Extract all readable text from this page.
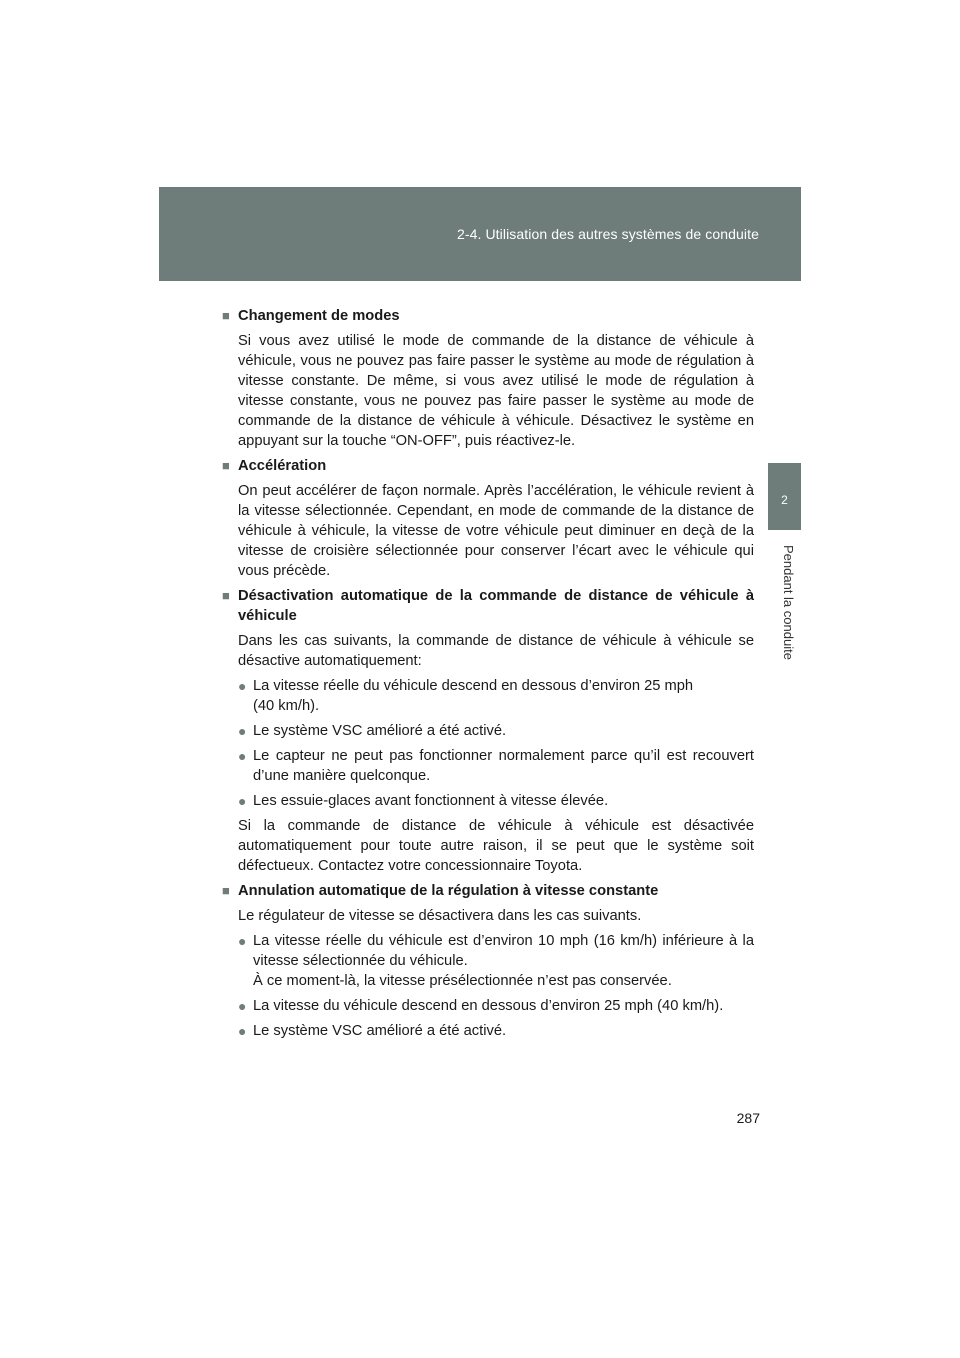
2-4. Utilisation des autres systèmes de conduite
2
Pendant la conduite
■ Changement de modes
Si vous avez utilisé le mode de commande de la distance de véhicule à véhicule, vous ne pouvez pas faire passer le système au mode de régulation à vitesse constante. De même, si vous avez utilisé le mode de régulation à vitesse constante, vous ne pouvez pas faire passer le système au mode de commande de la distance de véhicule à véhicule. Désactivez le système en appuyant sur la touche “ON-OFF”, puis réactivez-le.
■ Accélération
On peut accélérer de façon normale. Après l’accélération, le véhicule revient à la vitesse sélectionnée. Cependant, en mode de commande de la distance de véhicule à véhicule, la vitesse de votre véhicule peut diminuer en deçà de la vitesse de croisière sélectionnée pour conserver l’écart avec le véhicule qui vous précède.
■ Désactivation automatique de la commande de distance de véhicule à véhicule
Dans les cas suivants, la commande de distance de véhicule à véhicule se désactive automatiquement:
● La vitesse réelle du véhicule descend en dessous d’environ 25 mph
(40 km/h).
● Le système VSC amélioré a été activé.
● Le capteur ne peut pas fonctionner normalement parce qu’il est recouvert d’une manière quelconque.
● Les essuie-glaces avant fonctionnent à vitesse élevée.
Si la commande de distance de véhicule à véhicule est désactivée automatiquement pour toute autre raison, il se peut que le système soit défectueux. Contactez votre concessionnaire Toyota.
■ Annulation automatique de la régulation à vitesse constante
Le régulateur de vitesse se désactivera dans les cas suivants.
● La vitesse réelle du véhicule est d’environ 10 mph (16 km/h) inférieure à la vitesse sélectionnée du véhicule.
À ce moment-là, la vitesse présélectionnée n’est pas conservée.
● La vitesse du véhicule descend en dessous d’environ 25 mph (40 km/h).
● Le système VSC amélioré a été activé.
287
